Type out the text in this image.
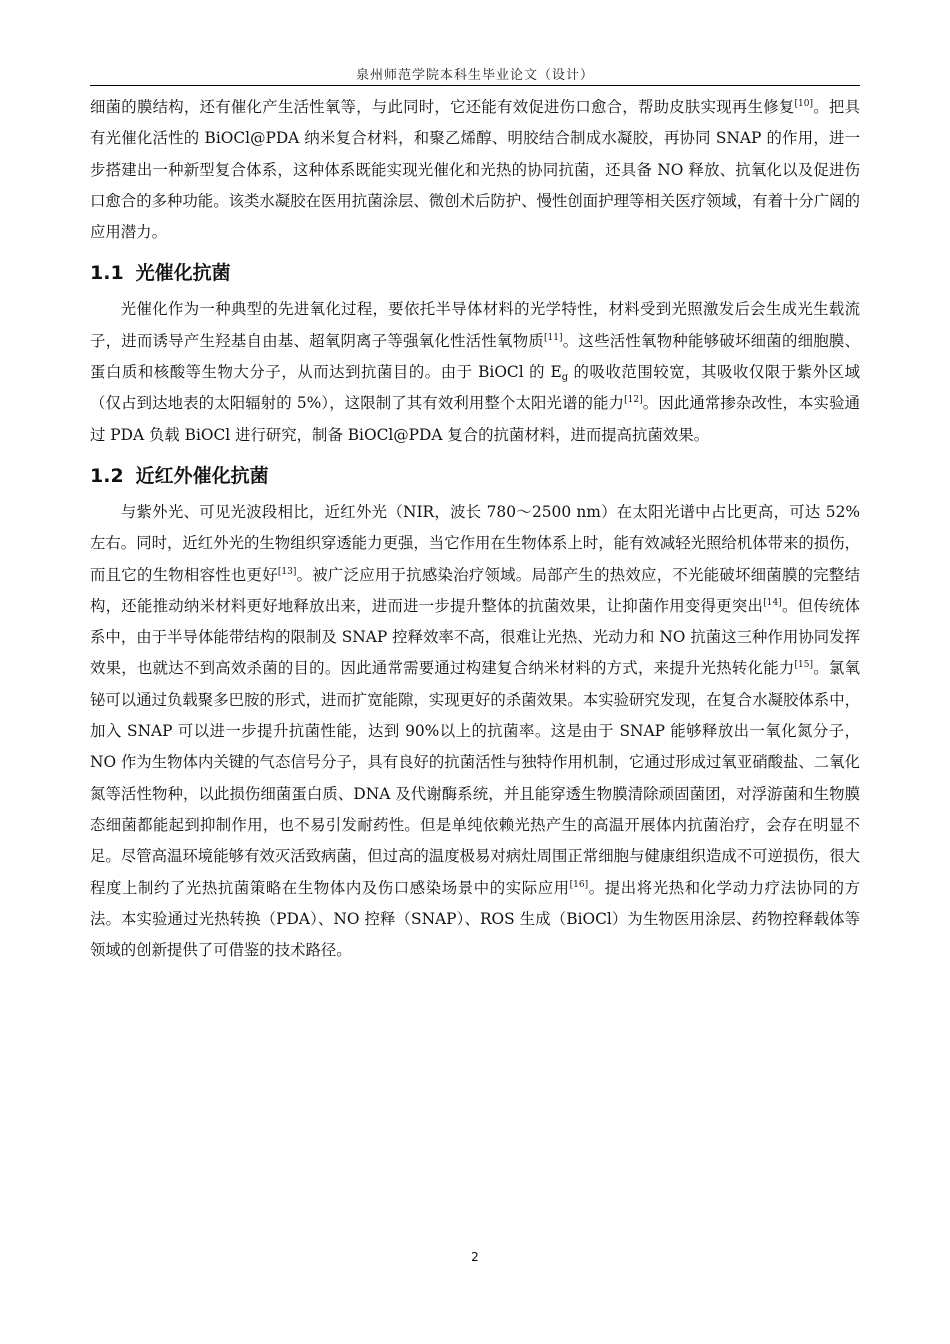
泉州师范学院本科生毕业论文（设计）

细菌的膜结构，还有催化产生活性氧等，与此同时，它还能有效促进伤口愈合，帮助皮肤实现再生修复[10]。把具有光催化活性的 BiOCl@PDA 纳米复合材料，和聚乙烯醇、明胶结合制成水凝胶，再协同 SNAP 的作用，进一步搭建出一种新型复合体系，这种体系既能实现光催化和光热的协同抗菌，还具备 NO 释放、抗氧化以及促进伤口愈合的多种功能。该类水凝胶在医用抗菌涂层、微创术后防护、慢性创面护理等相关医疗领域，有着十分广阔的应用潜力。

1.1 光催化抗菌

光催化作为一种典型的先进氧化过程，要依托半导体材料的光学特性，材料受到光照激发后会生成光生载流子，进而诱导产生羟基自由基、超氧阴离子等强氧化性活性氧物质[11]。这些活性氧物种能够破坏细菌的细胞膜、蛋白质和核酸等生物大分子，从而达到抗菌目的。由于 BiOCl 的 $E_g$ 的吸收范围较宽，其吸收仅限于紫外区域（仅占到达地表的太阳辐射的 5%），这限制了其有效利用整个太阳光谱的能力[12]。因此通常掺杂改性，本实验通过 PDA 负载 BiOCl 进行研究，制备 BiOCl@PDA 复合的抗菌材料，进而提高抗菌效果。

1.2 近红外催化抗菌

与紫外光、可见光波段相比，近红外光（NIR，波长 780～2500 nm）在太阳光谱中占比更高，可达 52%左右。同时，近红外光的生物组织穿透能力更强，当它作用在生物体系上时，能有效减轻光照给机体带来的损伤，而且它的生物相容性也更好[13]。被广泛应用于抗感染治疗领域。局部产生的热效应，不光能破坏细菌膜的完整结构，还能推动纳米材料更好地释放出来，进而进一步提升整体的抗菌效果，让抑菌作用变得更突出[14]。但传统体系中，由于半导体能带结构的限制及 SNAP 控释效率不高，很难让光热、光动力和 NO 抗菌这三种作用协同发挥效果，也就达不到高效杀菌的目的。因此通常需要通过构建复合纳米材料的方式，来提升光热转化能力[15]。氯氧铋可以通过负载聚多巴胺的形式，进而扩宽能隙，实现更好的杀菌效果。本实验研究发现，在复合水凝胶体系中，加入 SNAP 可以进一步提升抗菌性能，达到 90%以上的抗菌率。这是由于 SNAP 能够释放出一氧化氮分子，NO 作为生物体内关键的气态信号分子，具有良好的抗菌活性与独特作用机制，它通过形成过氧亚硝酸盐、二氧化氮等活性物种，以此损伤细菌蛋白质、DNA 及代谢酶系统，并且能穿透生物膜清除顽固菌团，对浮游菌和生物膜态细菌都能起到抑制作用，也不易引发耐药性。但是单纯依赖光热产生的高温开展体内抗菌治疗，会存在明显不足。尽管高温环境能够有效灭活致病菌，但过高的温度极易对病灶周围正常细胞与健康组织造成不可逆损伤，很大程度上制约了光热抗菌策略在生物体内及伤口感染场景中的实际应用[16]。提出将光热和化学动力疗法协同的方法。本实验通过光热转换（PDA）、NO 控释（SNAP）、ROS 生成（BiOCl）为生物医用涂层、药物控释载体等领域的创新提供了可借鉴的技术路径。

2
